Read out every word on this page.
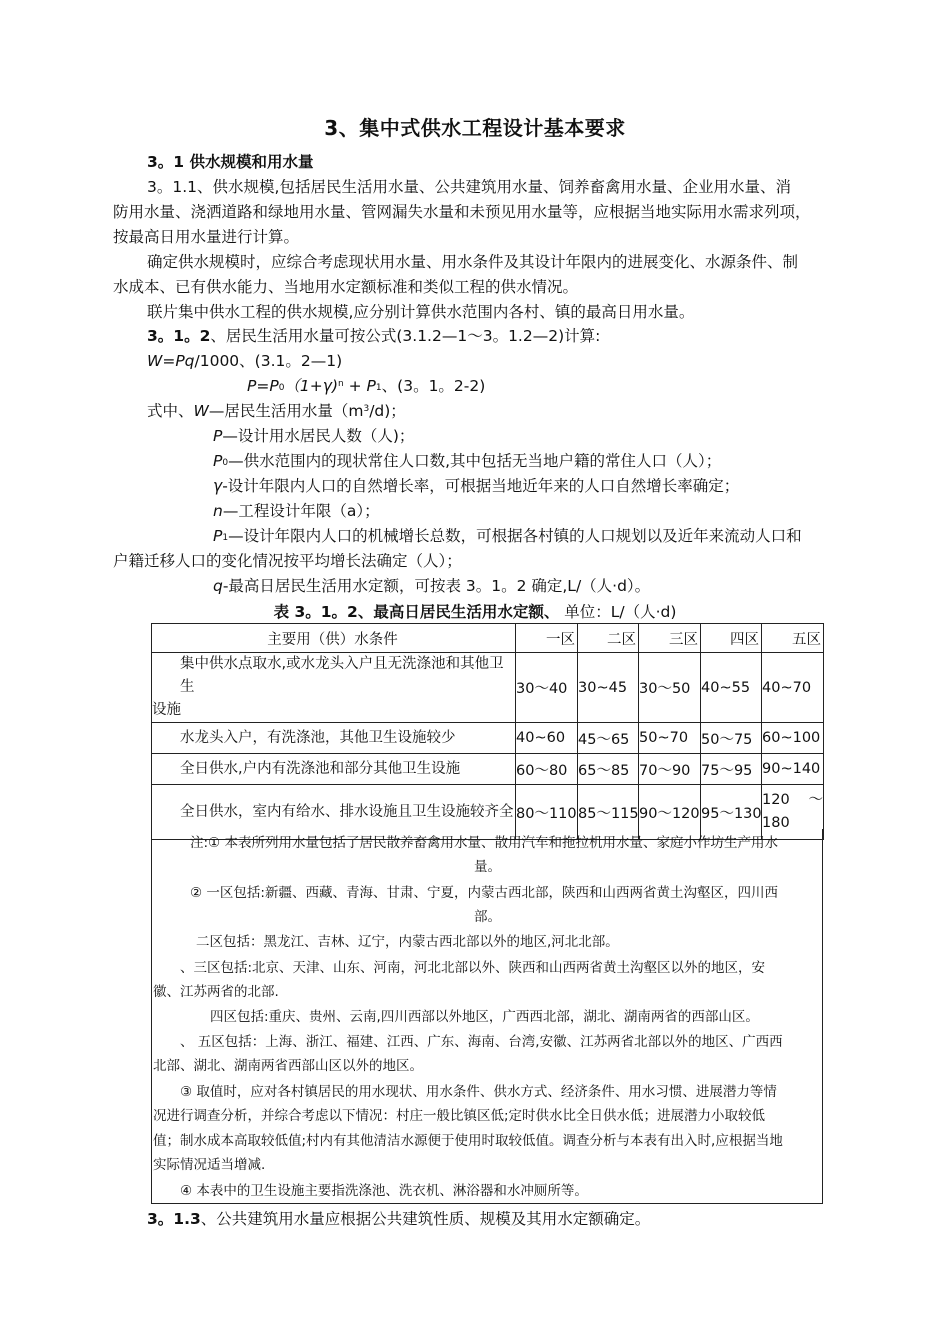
3、集中式供水工程设计基本要求
3。1 供水规模和用水量
3。1.1、供水规模,包括居民生活用水量、公共建筑用水量、饲养畜禽用水量、企业用水量、消
防用水量、浇洒道路和绿地用水量、管网漏失水量和未预见用水量等，应根据当地实际用水需求列项，
按最高日用水量进行计算。
确定供水规模时，应综合考虑现状用水量、用水条件及其设计年限内的进展变化、水源条件、制
水成本、已有供水能力、当地用水定额标准和类似工程的供水情况。
联片集中供水工程的供水规模,应分别计算供水范围内各村、镇的最高日用水量。
3。1。2、居民生活用水量可按公式(3.1.2—1～3。1.2—2)计算:
W=Pq/1000、(3.1。2—1)
P=P0（1+γ)$^n$ + P1、(3。1。2-2)
式中、W—居民生活用水量$(m^3/d)$；
P—设计用水居民人数（人)；
P0—供水范围内的现状常住人口数,其中包括无当地户籍的常住人口（人）；
γ-设计年限内人口的自然增长率，可根据当地近年来的人口自然增长率确定；
n—工程设计年限（a）；
P1—设计年限内人口的机械增长总数，可根据各村镇的人口规划以及近年来流动人口和
户籍迁移人口的变化情况按平均增长法确定（人）；
q-最高日居民生活用水定额，可按表 3。1。2 确定,L/（人·d）。
表 3。1。2、最高日居民生活用水定额、 单位：L/（人·d)
主要用（供）水条件	一区	二区	三区	四区	五区

集中供水点取水,或水龙头入户且无洗涤池和其他卫生
设施	30～40	30~45	30～50	40~55	40~70

水龙头入户，有洗涤池，其他卫生设施较少	40~60	45～65	50~70	50～75	60~100

全日供水,户内有洗涤池和部分其他卫生设施	60～80	65～85	70～90	75～95	90~140

全日供水，室内有给水、排水设施且卫生设施较齐全	80～110	85～115	90～120	95～130	120 ～ 180
注:① 本表所列用水量包括了居民散养畜禽用水量、散用汽车和拖拉机用水量、家庭小作坊生产用水
量。
② 一区包括:新疆、西藏、青海、甘肃、宁夏，内蒙古西北部，陕西和山西两省黄土沟壑区，四川西
部。
二区包括：黑龙江、吉林、辽宁，内蒙古西北部以外的地区,河北北部。
、三区包括:北京、天津、山东、河南，河北北部以外、陕西和山西两省黄土沟壑区以外的地区，安
徽、江苏两省的北部.
四区包括:重庆、贵州、云南,四川西部以外地区，广西西北部，湖北、湖南两省的西部山区。
、 五区包括：上海、浙江、福建、江西、广东、海南、台湾,安徽、江苏两省北部以外的地区、广西西
北部、湖北、湖南两省西部山区以外的地区。
③ 取值时，应对各村镇居民的用水现状、用水条件、供水方式、经济条件、用水习惯、进展潜力等情
况进行调查分析，并综合考虑以下情况：村庄一般比镇区低;定时供水比全日供水低；进展潜力小取较低
值；制水成本高取较低值;村内有其他清洁水源便于使用时取较低值。调查分析与本表有出入时,应根据当地
实际情况适当增减.
④ 本表中的卫生设施主要指洗涤池、洗衣机、淋浴器和水冲厕所等。
3。1.3、公共建筑用水量应根据公共建筑性质、规模及其用水定额确定。
